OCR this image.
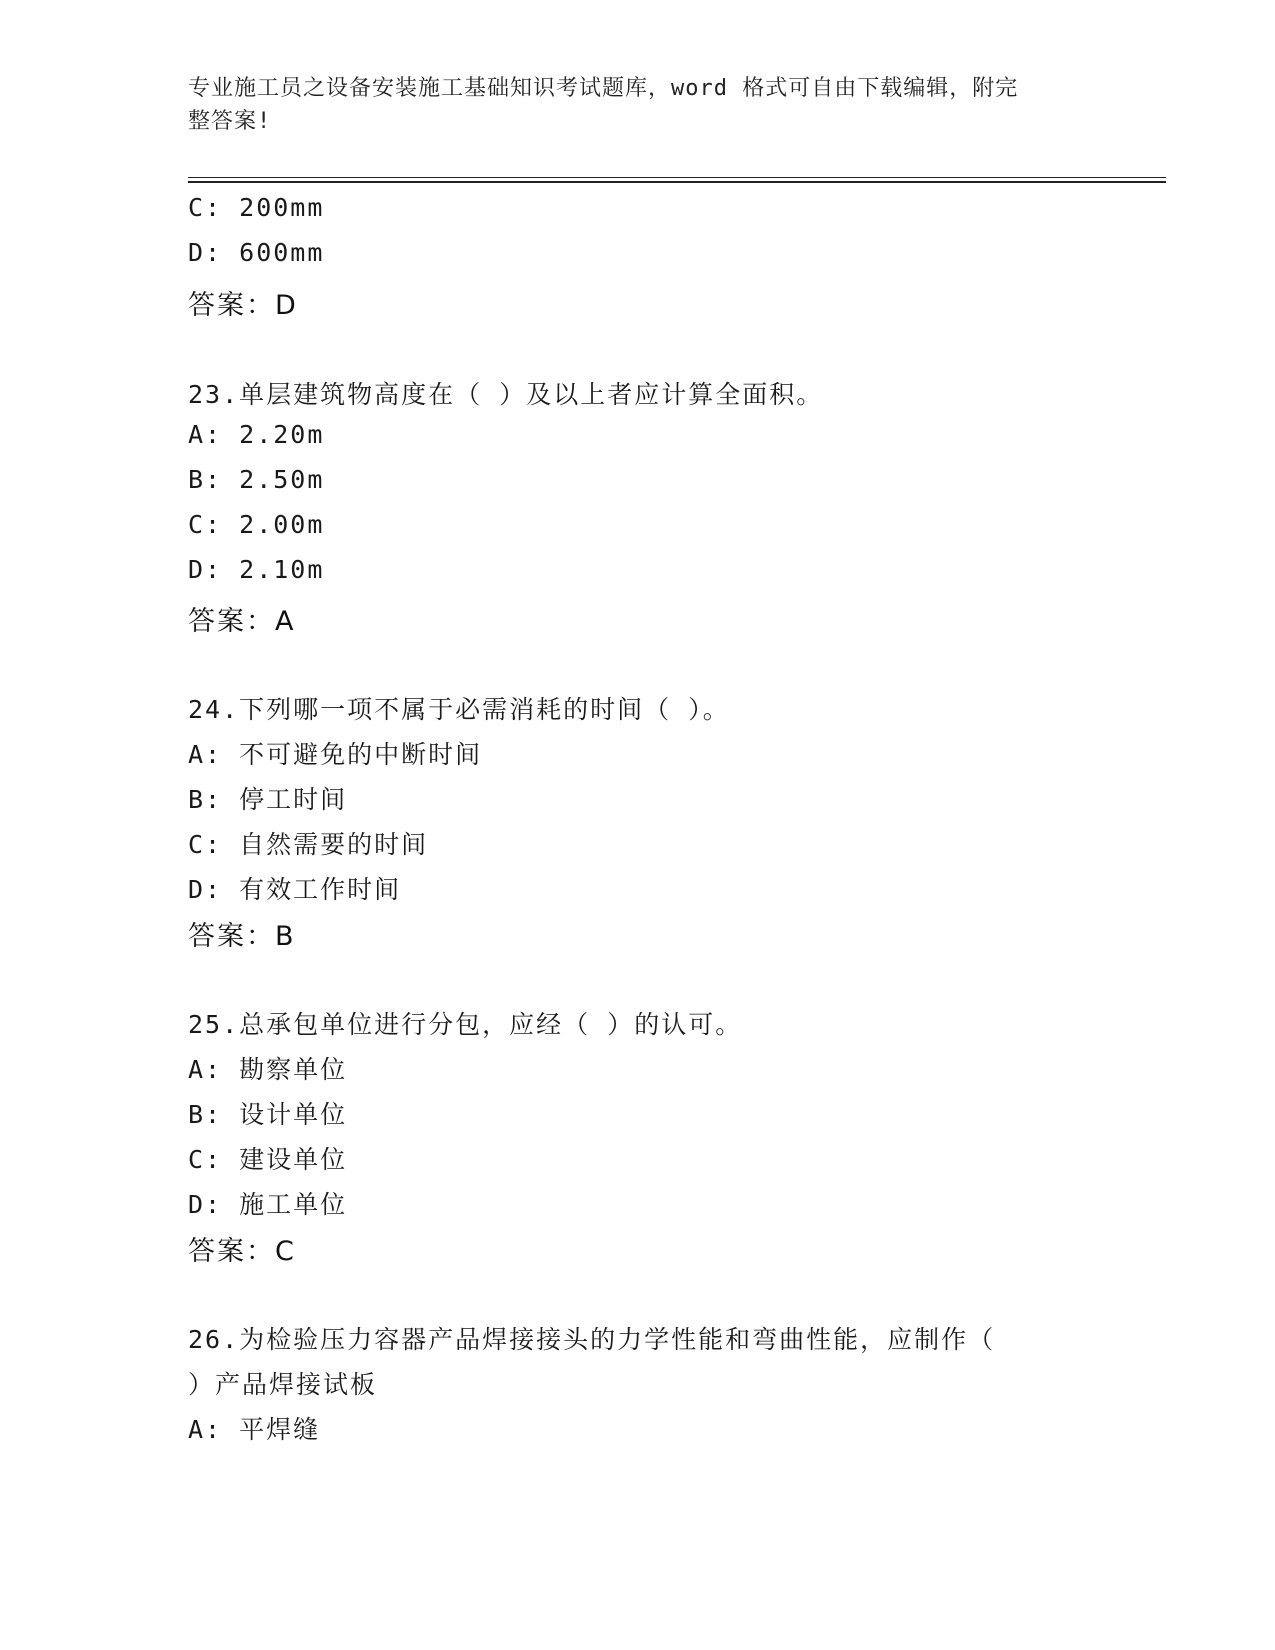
专业施工员之设备安装施工基础知识考试题库，word 格式可自由下载编辑，附完
整答案!
C: 200mm
D: 600mm
答案：D
23.单层建筑物高度在（ ）及以上者应计算全面积。
A: 2.20m
B: 2.50m
C: 2.00m
D: 2.10m
答案：A
24.下列哪一项不属于必需消耗的时间（ ）。
A: 不可避免的中断时间
B: 停工时间
C: 自然需要的时间
D: 有效工作时间
答案：B
25.总承包单位进行分包，应经（ ）的认可。
A: 勘察单位
B: 设计单位
C: 建设单位
D: 施工单位
答案：C
26.为检验压力容器产品焊接接头的力学性能和弯曲性能，应制作（
）产品焊接试板
A: 平焊缝
